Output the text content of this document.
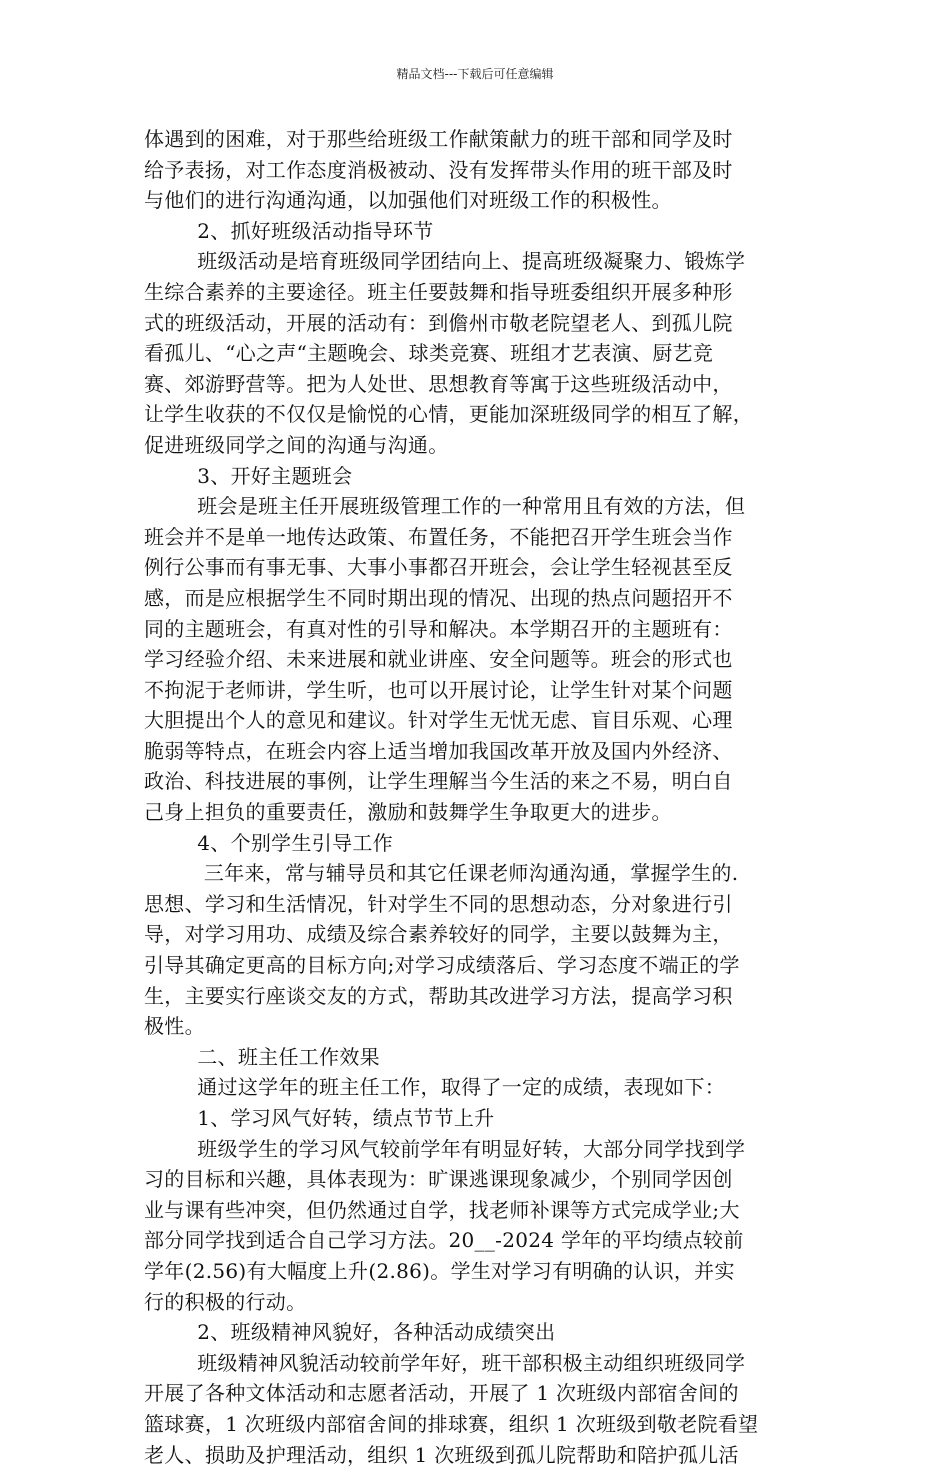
精品文档---下载后可任意编辑
体遇到的困难，对于那些给班级工作献策献力的班干部和同学及时
给予表扬，对工作态度消极被动、没有发挥带头作用的班干部及时
与他们的进行沟通沟通，以加强他们对班级工作的积极性。
2、抓好班级活动指导环节
班级活动是培育班级同学团结向上、提高班级凝聚力、锻炼学
生综合素养的主要途径。班主任要鼓舞和指导班委组织开展多种形
式的班级活动，开展的活动有：到儋州市敬老院望老人、到孤儿院
看孤儿、“心之声“主题晚会、球类竞赛、班组才艺表演、厨艺竞
赛、郊游野营等。把为人处世、思想教育等寓于这些班级活动中，
让学生收获的不仅仅是愉悦的心情，更能加深班级同学的相互了解，
促进班级同学之间的沟通与沟通。
3、开好主题班会
班会是班主任开展班级管理工作的一种常用且有效的方法，但
班会并不是单一地传达政策、布置任务，不能把召开学生班会当作
例行公事而有事无事、大事小事都召开班会，会让学生轻视甚至反
感，而是应根据学生不同时期出现的情况、出现的热点问题招开不
同的主题班会，有真对性的引导和解决。本学期召开的主题班有：
学习经验介绍、未来进展和就业讲座、安全问题等。班会的形式也
不拘泥于老师讲，学生听，也可以开展讨论，让学生针对某个问题
大胆提出个人的意见和建议。针对学生无忧无虑、盲目乐观、心理
脆弱等特点，在班会内容上适当增加我国改革开放及国内外经济、
政治、科技进展的事例，让学生理解当今生活的来之不易，明白自
己身上担负的重要责任，激励和鼓舞学生争取更大的进步。
4、个别学生引导工作
三年来，常与辅导员和其它任课老师沟通沟通，掌握学生的.
思想、学习和生活情况，针对学生不同的思想动态，分对象进行引
导，对学习用功、成绩及综合素养较好的同学，主要以鼓舞为主，
引导其确定更高的目标方向;对学习成绩落后、学习态度不端正的学
生，主要实行座谈交友的方式，帮助其改进学习方法，提高学习积
极性。
二、班主任工作效果
通过这学年的班主任工作，取得了一定的成绩，表现如下：
1、学习风气好转，绩点节节上升
班级学生的学习风气较前学年有明显好转，大部分同学找到学
习的目标和兴趣，具体表现为：旷课逃课现象减少，个别同学因创
业与课有些冲突，但仍然通过自学，找老师补课等方式完成学业;大
部分同学找到适合自己学习方法。20__-2024 学年的平均绩点较前
学年(2.56)有大幅度上升(2.86)。学生对学习有明确的认识，并实
行的积极的行动。
2、班级精神风貌好，各种活动成绩突出
班级精神风貌活动较前学年好，班干部积极主动组织班级同学
开展了各种文体活动和志愿者活动，开展了 1 次班级内部宿舍间的
篮球赛，1 次班级内部宿舍间的排球赛，组织 1 次班级到敬老院看望
老人、损助及护理活动，组织 1 次班级到孤儿院帮助和陪护孤儿活
